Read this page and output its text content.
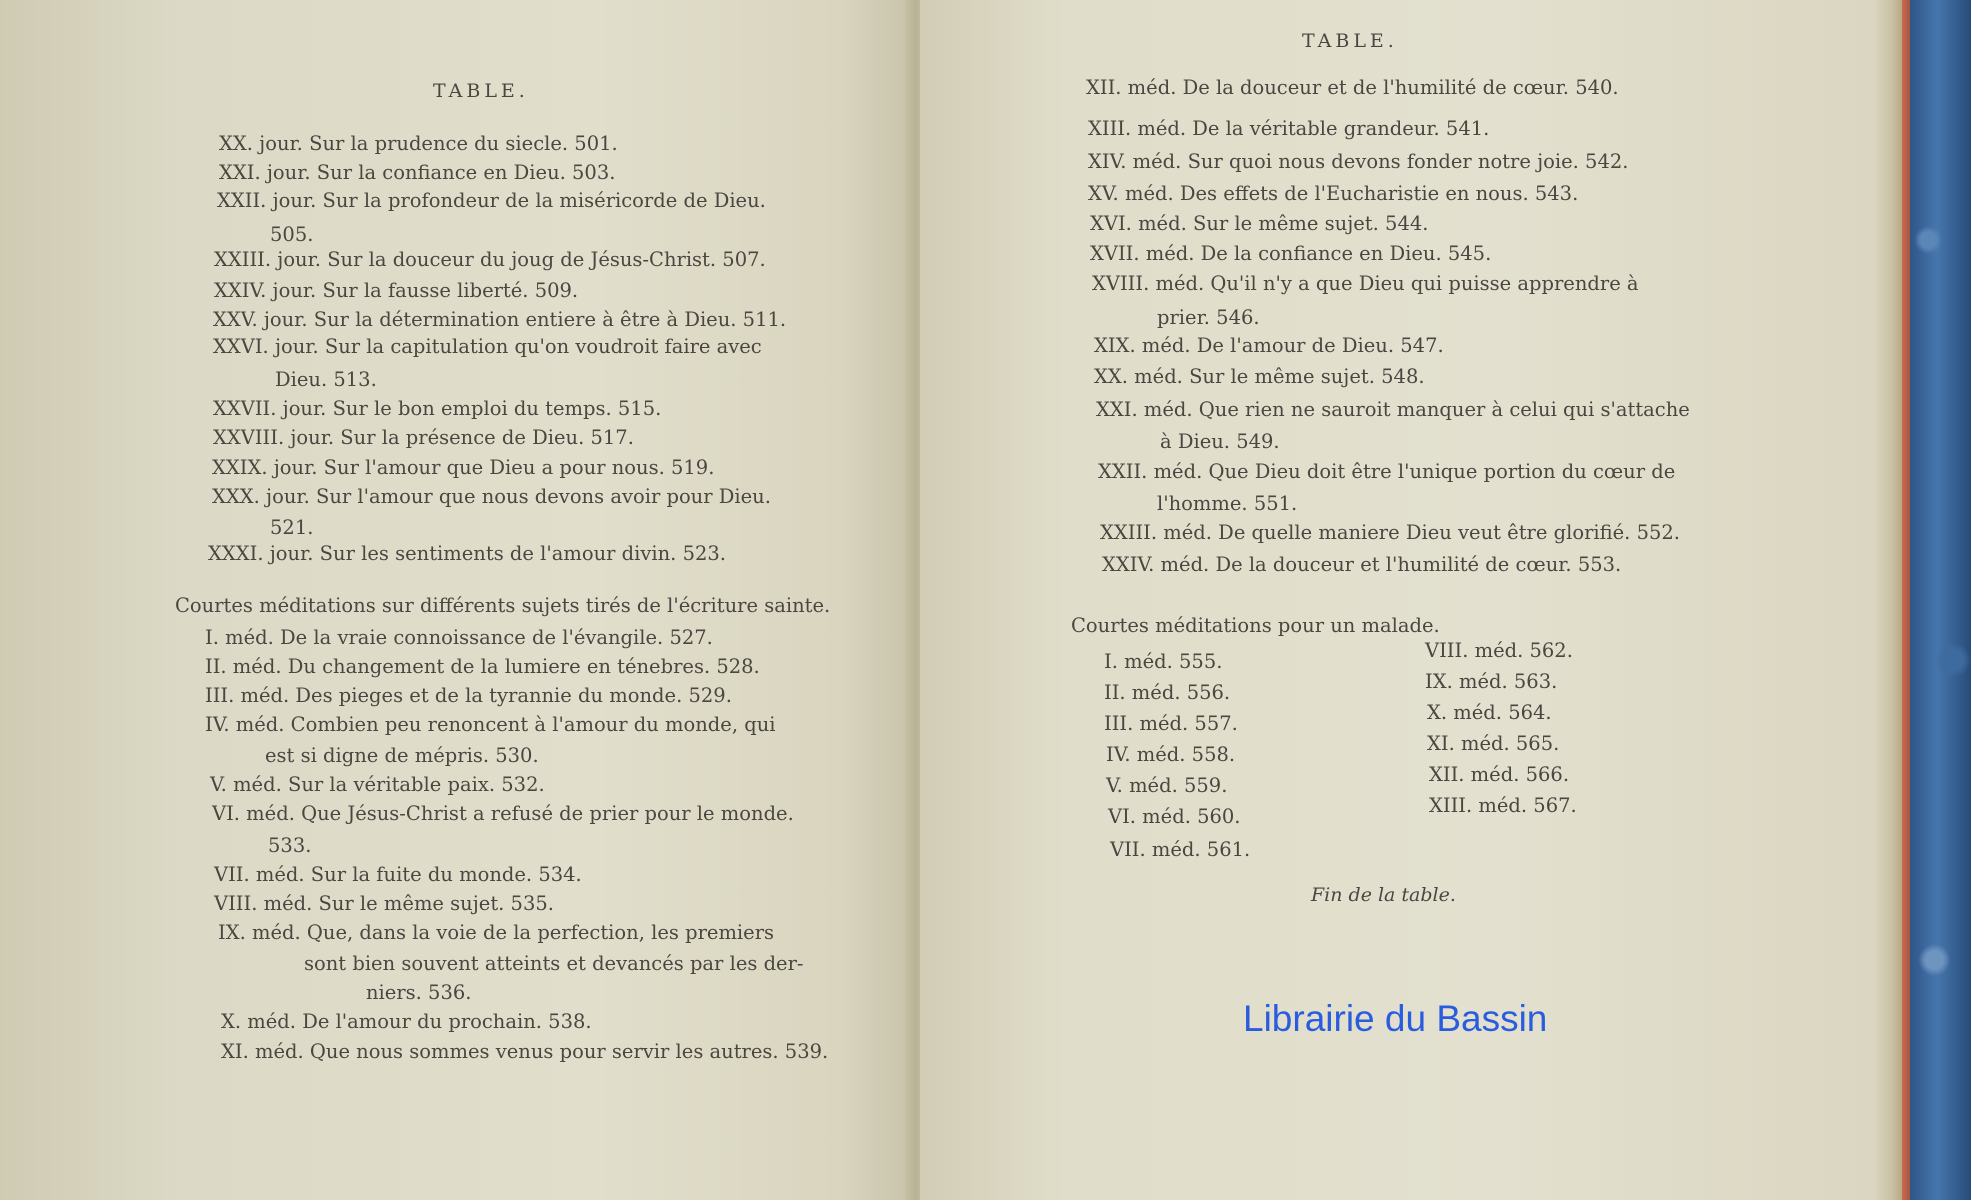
TABLE.
XX. jour. Sur la prudence du siecle. 501.
XXI. jour. Sur la confiance en Dieu. 503.
XXII. jour. Sur la profondeur de la miséricorde de Dieu.
505.
XXIII. jour. Sur la douceur du joug de Jésus-Christ. 507.
XXIV. jour. Sur la fausse liberté. 509.
XXV. jour. Sur la détermination entiere à être à Dieu. 511.
XXVI. jour. Sur la capitulation qu'on voudroit faire avec
Dieu. 513.
XXVII. jour. Sur le bon emploi du temps. 515.
XXVIII. jour. Sur la présence de Dieu. 517.
XXIX. jour. Sur l'amour que Dieu a pour nous. 519.
XXX. jour. Sur l'amour que nous devons avoir pour Dieu.
521.
XXXI. jour. Sur les sentiments de l'amour divin. 523.
Courtes méditations sur différents sujets tirés de l'écriture sainte.
I. méd. De la vraie connoissance de l'évangile. 527.
II. méd. Du changement de la lumiere en ténebres. 528.
III. méd. Des pieges et de la tyrannie du monde. 529.
IV. méd. Combien peu renoncent à l'amour du monde, qui
est si digne de mépris. 530.
V. méd. Sur la véritable paix. 532.
VI. méd. Que Jésus-Christ a refusé de prier pour le monde.
533.
VII. méd. Sur la fuite du monde. 534.
VIII. méd. Sur le même sujet. 535.
IX. méd. Que, dans la voie de la perfection, les premiers
sont bien souvent atteints et devancés par les der-
niers. 536.
X. méd. De l'amour du prochain. 538.
XI. méd. Que nous sommes venus pour servir les autres. 539.
TABLE.
XII. méd. De la douceur et de l'humilité de cœur. 540.
XIII. méd. De la véritable grandeur. 541.
XIV. méd. Sur quoi nous devons fonder notre joie. 542.
XV. méd. Des effets de l'Eucharistie en nous. 543.
XVI. méd. Sur le même sujet. 544.
XVII. méd. De la confiance en Dieu. 545.
XVIII. méd. Qu'il n'y a que Dieu qui puisse apprendre à
prier. 546.
XIX. méd. De l'amour de Dieu. 547.
XX. méd. Sur le même sujet. 548.
XXI. méd. Que rien ne sauroit manquer à celui qui s'attache
à Dieu. 549.
XXII. méd. Que Dieu doit être l'unique portion du cœur de
l'homme. 551.
XXIII. méd. De quelle maniere Dieu veut être glorifié. 552.
XXIV. méd. De la douceur et l'humilité de cœur. 553.
Courtes méditations pour un malade.
I. méd. 555.
II. méd. 556.
III. méd. 557.
IV. méd. 558.
V. méd. 559.
VI. méd. 560.
VII. méd. 561.
VIII. méd. 562.
IX. méd. 563.
X. méd. 564.
XI. méd. 565.
XII. méd. 566.
XIII. méd. 567.
Fin de la table.
Librairie du Bassin
